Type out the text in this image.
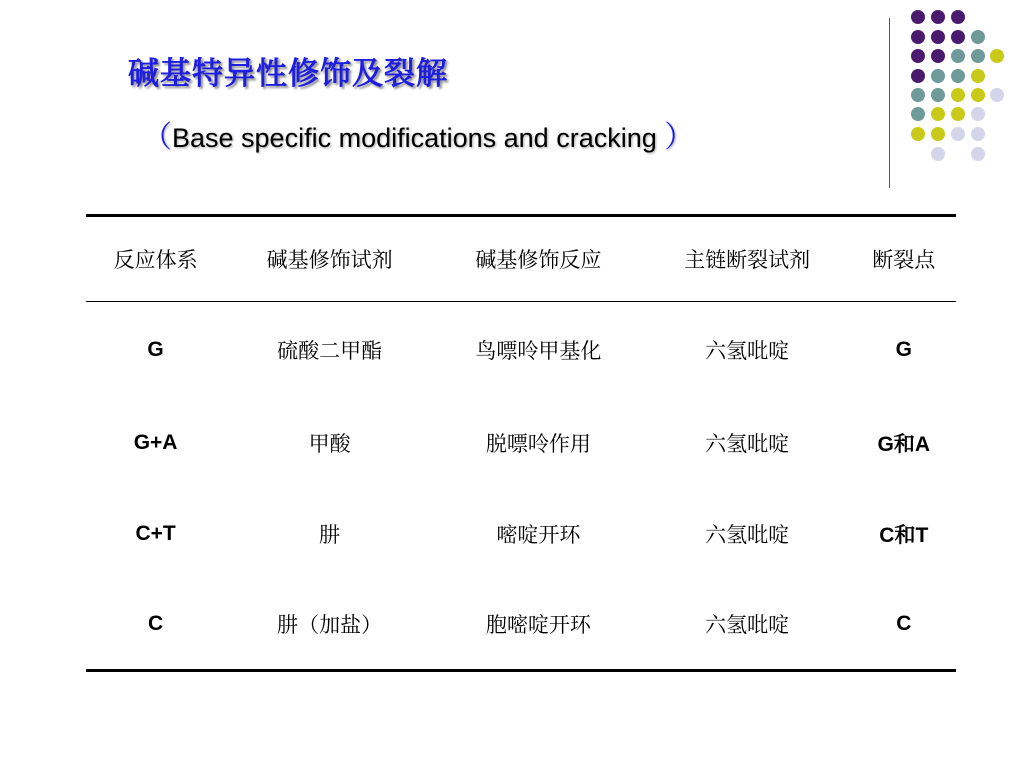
碱基特异性修饰及裂解
（Base specific modifications and cracking ）
反应体系	碱基修饰试剂	碱基修饰反应	主链断裂试剂	断裂点
G	硫酸二甲酯	鸟嘌呤甲基化	六氢吡啶	G
G+A	甲酸	脱嘌呤作用	六氢吡啶	G和A
C+T	肼	嘧啶开环	六氢吡啶	C和T
C	肼（加盐）	胞嘧啶开环	六氢吡啶	C
